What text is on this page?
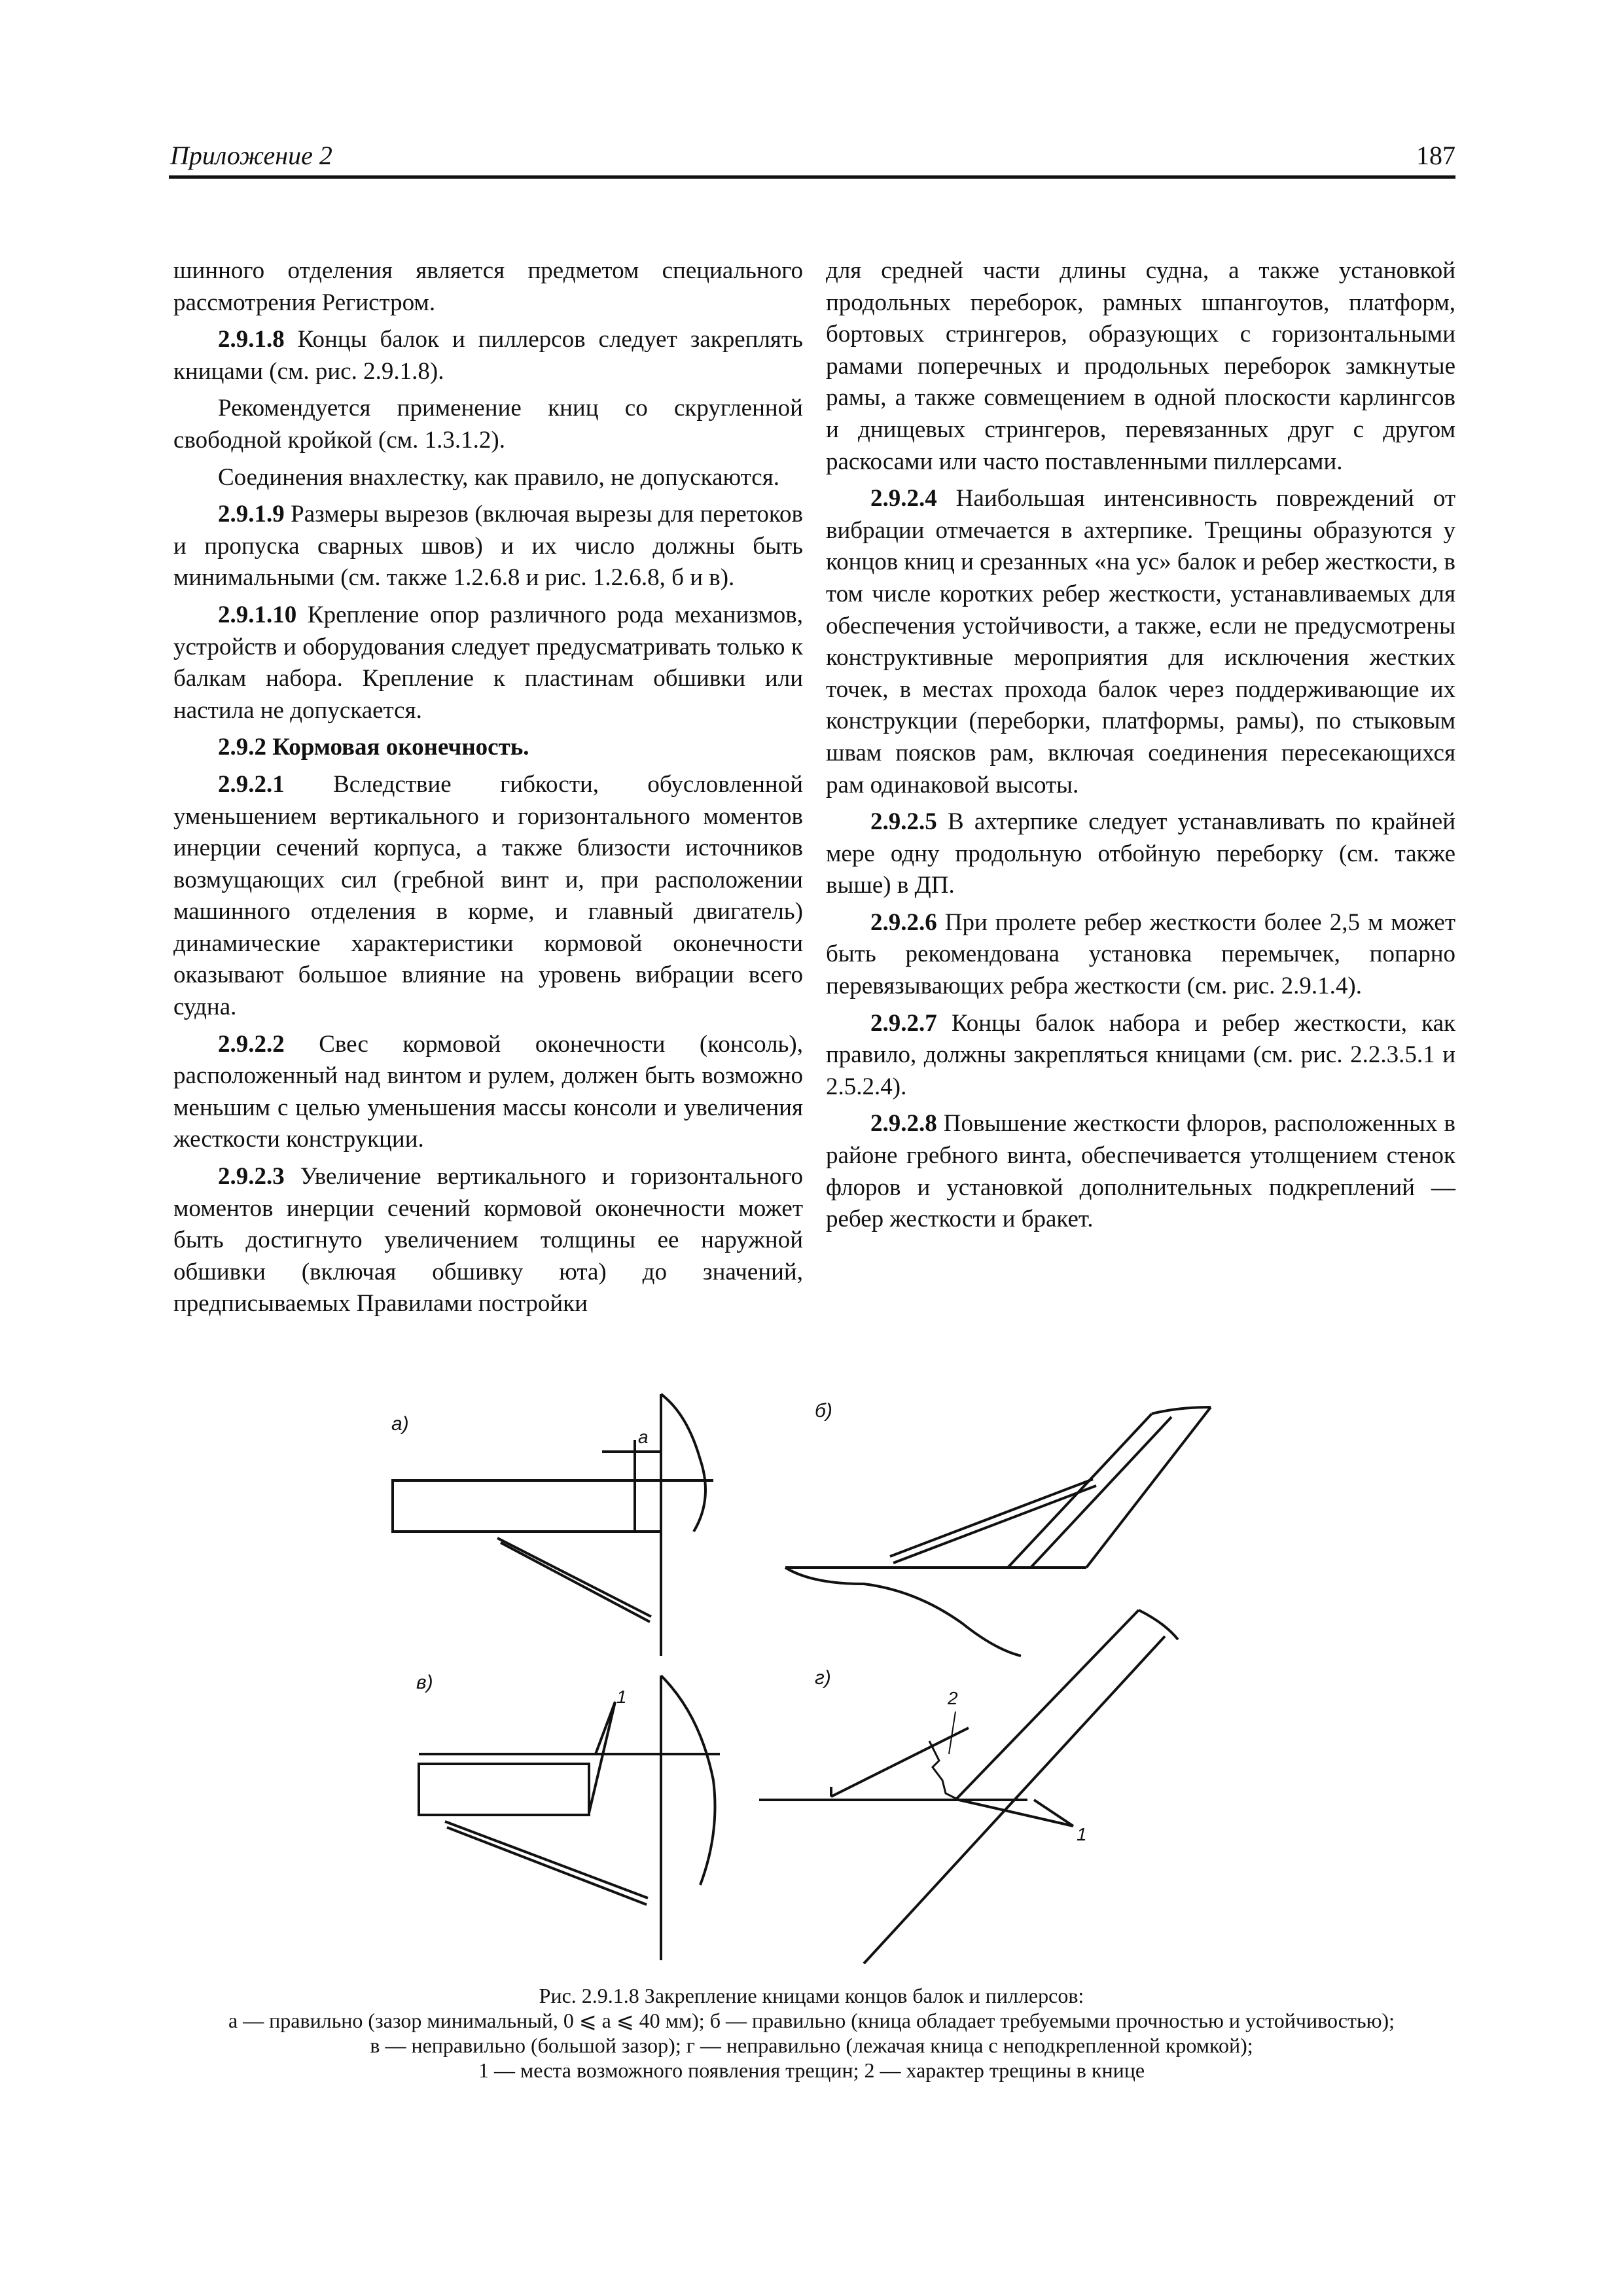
Приложение 2	187

шинного отделения является предметом специального рассмотрения Регистром.

2.9.1.8 Концы балок и пиллерсов следует закреплять кницами (см. рис. 2.9.1.8).

Рекомендуется применение книц со скругленной свободной кройкой (см. 1.3.1.2).

Соединения внахлестку, как правило, не допускаются.

2.9.1.9 Размеры вырезов (включая вырезы для перетоков и пропуска сварных швов) и их число должны быть минимальными (см. также 1.2.6.8 и рис. 1.2.6.8, б и в).

2.9.1.10 Крепление опор различного рода механизмов, устройств и оборудования следует предусматривать только к балкам набора. Крепление к пластинам обшивки или настила не допускается.

2.9.2 Кормовая оконечность.

2.9.2.1 Вследствие гибкости, обусловленной уменьшением вертикального и горизонтального моментов инерции сечений корпуса, а также близости источников возмущающих сил (гребной винт и, при расположении машинного отделения в корме, и главный двигатель) динамические характеристики кормовой оконечности оказывают большое влияние на уровень вибрации всего судна.

2.9.2.2 Свес кормовой оконечности (консоль), расположенный над винтом и рулем, должен быть возможно меньшим с целью уменьшения массы консоли и увеличения жесткости конструкции.

2.9.2.3 Увеличение вертикального и горизонтального моментов инерции сечений кормовой оконечности может быть достигнуто увеличением толщины ее наружной обшивки (включая обшивку юта) до значений, предписываемых Правилами постройки

для средней части длины судна, а также установкой продольных переборок, рамных шпангоутов, платформ, бортовых стрингеров, образующих с горизонтальными рамами поперечных и продольных переборок замкнутые рамы, а также совмещением в одной плоскости карлингсов и днищевых стрингеров, перевязанных друг с другом раскосами или часто поставленными пиллерсами.

2.9.2.4 Наибольшая интенсивность повреждений от вибрации отмечается в ахтерпике. Трещины образуются у концов книц и срезанных «на ус» балок и ребер жесткости, в том числе коротких ребер жесткости, устанавливаемых для обеспечения устойчивости, а также, если не предусмотрены конструктивные мероприятия для исключения жестких точек, в местах прохода балок через поддерживающие их конструкции (переборки, платформы, рамы), по стыковым швам поясков рам, включая соединения пересекающихся рам одинаковой высоты.

2.9.2.5 В ахтерпике следует устанавливать по крайней мере одну продольную отбойную переборку (см. также выше) в ДП.

2.9.2.6 При пролете ребер жесткости более 2,5 м может быть рекомендована установка перемычек, попарно перевязывающих ребра жесткости (см. рис. 2.9.1.4).

2.9.2.7 Концы балок набора и ребер жесткости, как правило, должны закрепляться кницами (см. рис. 2.2.3.5.1 и 2.5.2.4).

2.9.2.8 Повышение жесткости флоров, расположенных в районе гребного винта, обеспечивается утолщением стенок флоров и установкой дополнительных подкреплений — ребер жесткости и бракет.

а)
a
б)
в)
1
г)
2
1
Рис. 2.9.1.8 Закрепление кницами концов балок и пиллерсов:
а — правильно (зазор минимальный, 0 ⩽ a ⩽ 40 мм); б — правильно (кница обладает требуемыми прочностью и устойчивостью);
в — неправильно (большой зазор); г — неправильно (лежачая кница с неподкрепленной кромкой);
1 — места возможного появления трещин; 2 — характер трещины в книце
